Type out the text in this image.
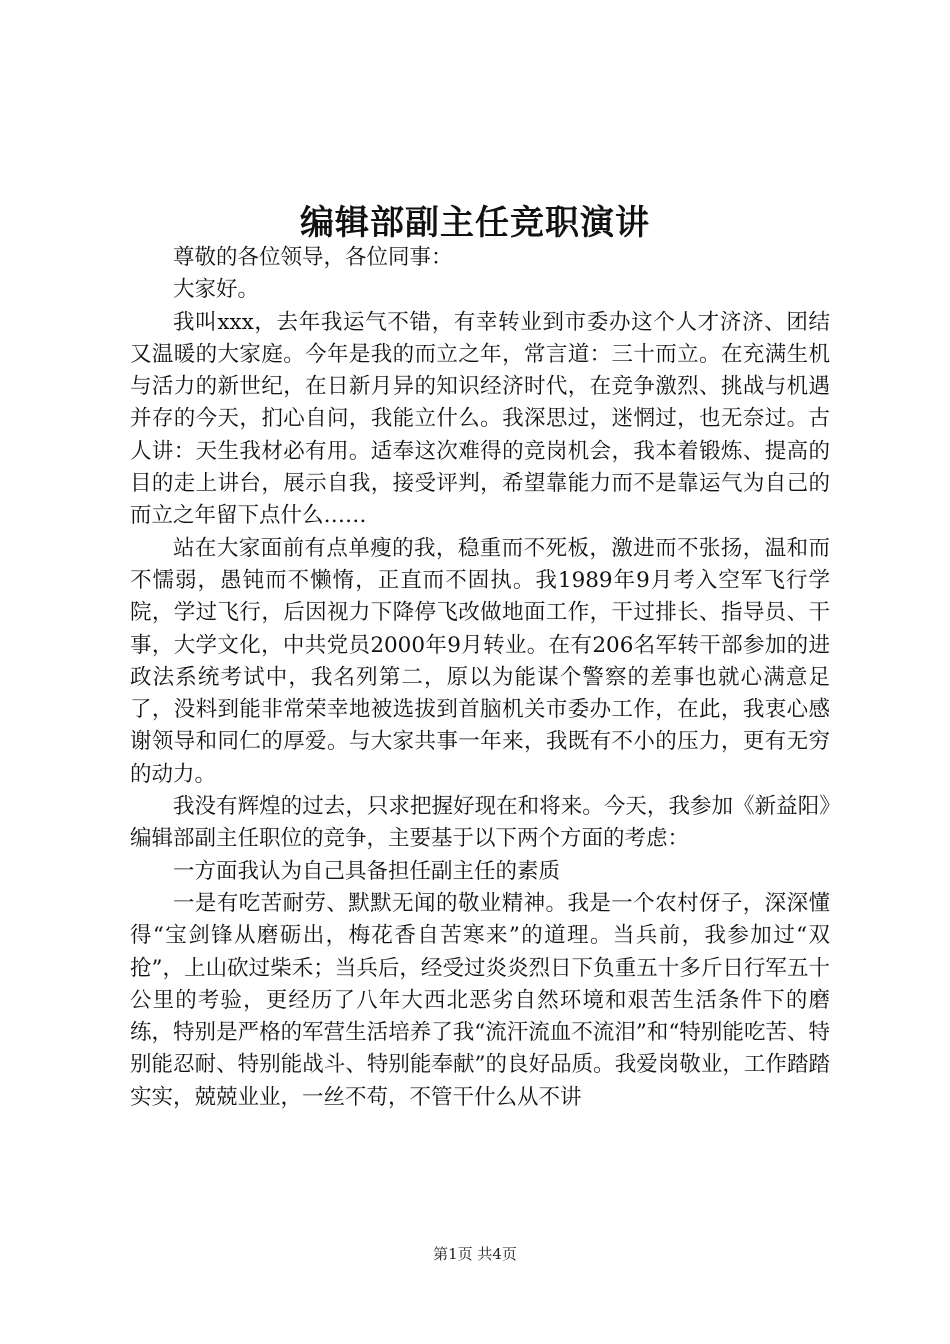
编辑部副主任竞职演讲

尊敬的各位领导，各位同事：

大家好。

我叫xxx，去年我运气不错，有幸转业到市委办这个人才济济、团结又温暖的大家庭。今年是我的而立之年，常言道：三十而立。在充满生机与活力的新世纪，在日新月异的知识经济时代，在竞争激烈、挑战与机遇并存的今天，扪心自问，我能立什么。我深思过，迷惘过，也无奈过。古人讲：天生我材必有用。适奉这次难得的竞岗机会，我本着锻炼、提高的目的走上讲台，展示自我，接受评判，希望靠能力而不是靠运气为自己的而立之年留下点什么……

站在大家面前有点单瘦的我，稳重而不死板，激进而不张扬，温和而不懦弱，愚钝而不懒惰，正直而不固执。我1989年9月考入空军飞行学院，学过飞行，后因视力下降停飞改做地面工作，干过排长、指导员、干事，大学文化，中共党员2000年9月转业。在有206名军转干部参加的进政法系统考试中，我名列第二，原以为能谋个警察的差事也就心满意足了，没料到能非常荣幸地被选拔到首脑机关市委办工作，在此，我衷心感谢领导和同仁的厚爱。与大家共事一年来，我既有不小的压力，更有无穷的动力。

我没有辉煌的过去，只求把握好现在和将来。今天，我参加《新益阳》编辑部副主任职位的竞争，主要基于以下两个方面的考虑：

一方面我认为自己具备担任副主任的素质

一是有吃苦耐劳、默默无闻的敬业精神。我是一个农村伢子，深深懂得“宝剑锋从磨砺出，梅花香自苦寒来”的道理。当兵前，我参加过“双抢”，上山砍过柴禾；当兵后，经受过炎炎烈日下负重五十多斤日行军五十公里的考验，更经历了八年大西北恶劣自然环境和艰苦生活条件下的磨练，特别是严格的军营生活培养了我“流汗流血不流泪”和“特别能吃苦、特别能忍耐、特别能战斗、特别能奉献”的良好品质。我爱岗敬业，工作踏踏实实，兢兢业业，一丝不苟，不管干什么从不讲

第1页 共4页
